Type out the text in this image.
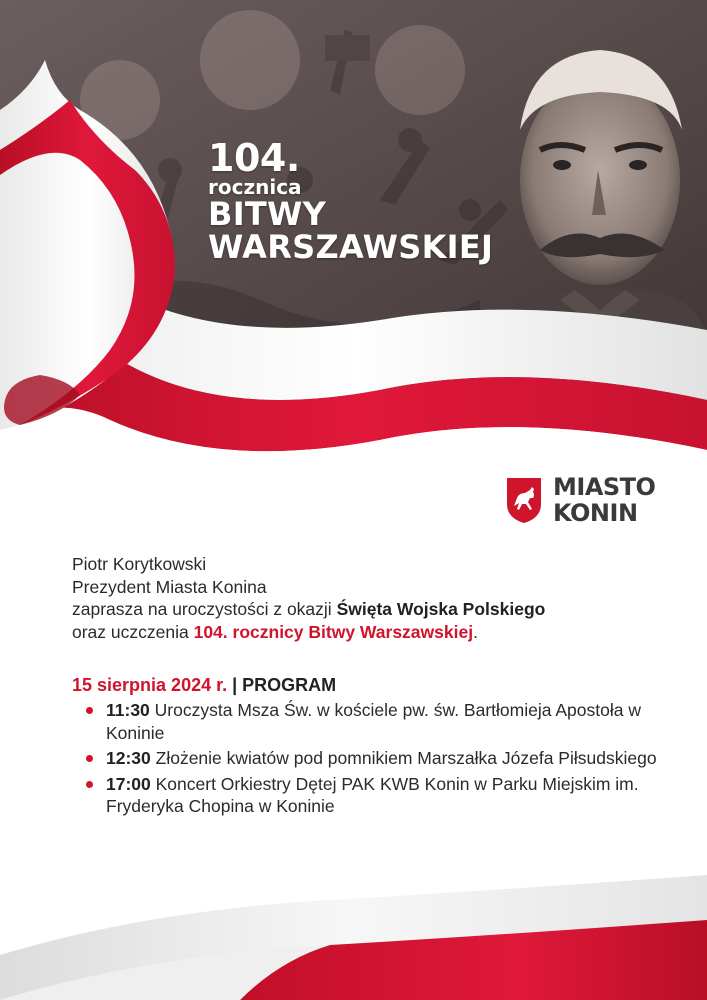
104.
rocznica
BITWY
WARSZAWSKIEJ
MIASTO
KONIN
Piotr Korytkowski
Prezydent Miasta Konina
zaprasza na uroczystości z okazji Święta Wojska Polskiego
oraz uczczenia 104. rocznicy Bitwy Warszawskiej.
15 sierpnia 2024 r. | PROGRAM
11:30 Uroczysta Msza Św. w kościele pw. św. Bartłomieja Apostoła w Koninie
12:30 Złożenie kwiatów pod pomnikiem Marszałka Józefa Piłsudskiego
17:00 Koncert Orkiestry Dętej PAK KWB Konin w Parku Miejskim im. Fryderyka Chopina w Koninie
